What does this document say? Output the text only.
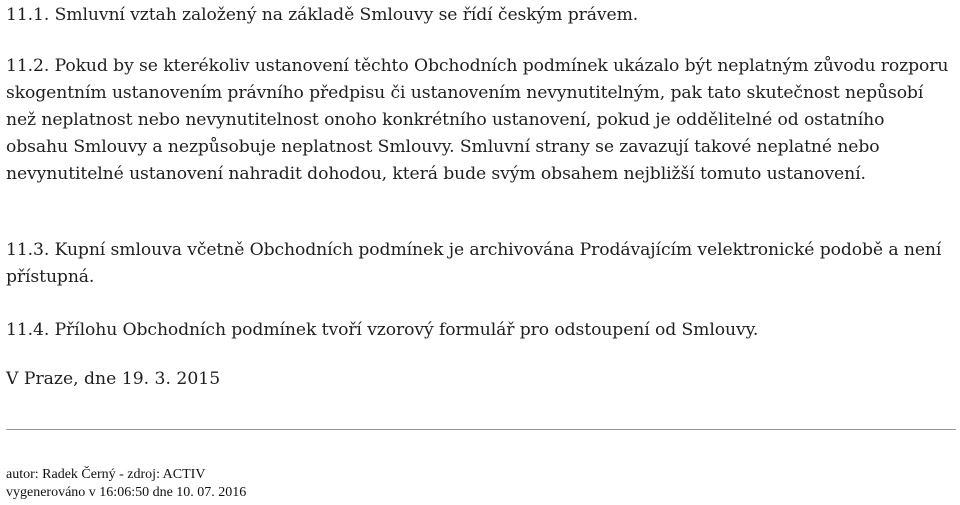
11.1. Smluvní vztah založený na základě Smlouvy se řídí českým právem.

11.2. Pokud by se kterékoliv ustanovení těchto Obchodních podmínek ukázalo být neplatným zůvodu rozporu skogentním ustanovením právního předpisu či ustanovením nevynutitelným, pak tato skutečnost nepůsobí než neplatnost nebo nevynutitelnost onoho konkrétního ustanovení, pokud je oddělitelné od ostatního obsahu Smlouvy a nezpůsobuje neplatnost Smlouvy. Smluvní strany se zavazují takové neplatné nebo nevynutitelné ustanovení nahradit dohodou, která bude svým obsahem nejbližší tomuto ustanovení.

11.3. Kupní smlouva včetně Obchodních podmínek je archivována Prodávajícím velektronické podobě a není přístupná.

11.4. Přílohu Obchodních podmínek tvoří vzorový formulář pro odstoupení od Smlouvy.

V Praze, dne 19. 3. 2015

autor: Radek Černý - zdroj: ACTIV

vygenerováno v 16:06:50 dne 10. 07. 2016
